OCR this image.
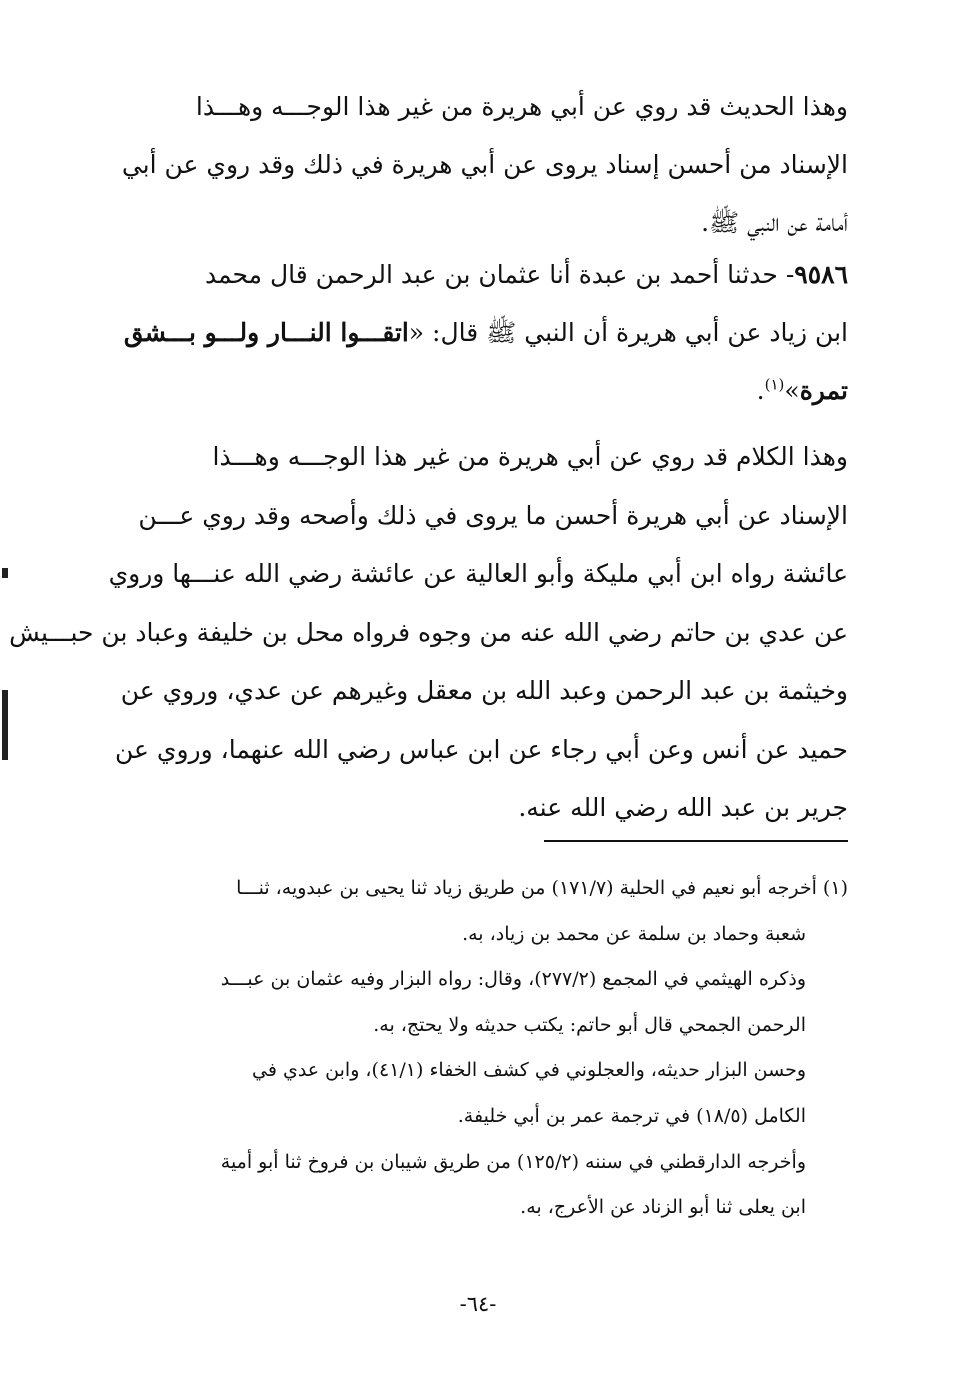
وهذا الحديث قد روي عن أبي هريرة من غير هذا الوجـــه وهـــذا
الإسناد من أحسن إسناد يروى عن أبي هريرة في ذلك وقد روي عن أبي
أمامة عن النبي ﷺ.
٩٥٨٦- حدثنا أحمد بن عبدة أنا عثمان بن عبد الرحمن قال محمد
ابن زياد عن أبي هريرة أن النبي ﷺ قال: «اتقـــوا النـــار ولـــو بـــشق
تمرة»$^{(١)}$.
وهذا الكلام قد روي عن أبي هريرة من غير هذا الوجـــه وهـــذا
الإسناد عن أبي هريرة أحسن ما يروى في ذلك وأصحه وقد روي عـــن
عائشة رواه ابن أبي مليكة وأبو العالية عن عائشة رضي الله عنـــها وروي
عن عدي بن حاتم رضي الله عنه من وجوه فرواه محل بن خليفة وعباد بن حبـــيش
وخيثمة بن عبد الرحمن وعبد الله بن معقل وغيرهم عن عدي، وروي عن
حميد عن أنس وعن أبي رجاء عن ابن عباس رضي الله عنهما، وروي عن
جرير بن عبد الله رضي الله عنه.
(١) أخرجه أبو نعيم في الحلية (١٧١/٧) من طريق زياد ثنا يحيى بن عبدويه، ثنـــا
شعبة وحماد بن سلمة عن محمد بن زياد، به.
وذكره الهيثمي في المجمع (٢٧٧/٢)، وقال: رواه البزار وفيه عثمان بن عبـــد
الرحمن الجمحي قال أبو حاتم: يكتب حديثه ولا يحتج، به.
وحسن البزار حديثه، والعجلوني في كشف الخفاء (٤١/١)، وابن عدي في
الكامل (١٨/٥) في ترجمة عمر بن أبي خليفة.
وأخرجه الدارقطني في سننه (١٢٥/٢) من طريق شيبان بن فروخ ثنا أبو أمية
ابن يعلى ثنا أبو الزناد عن الأعرج، به.
-٦٤-
